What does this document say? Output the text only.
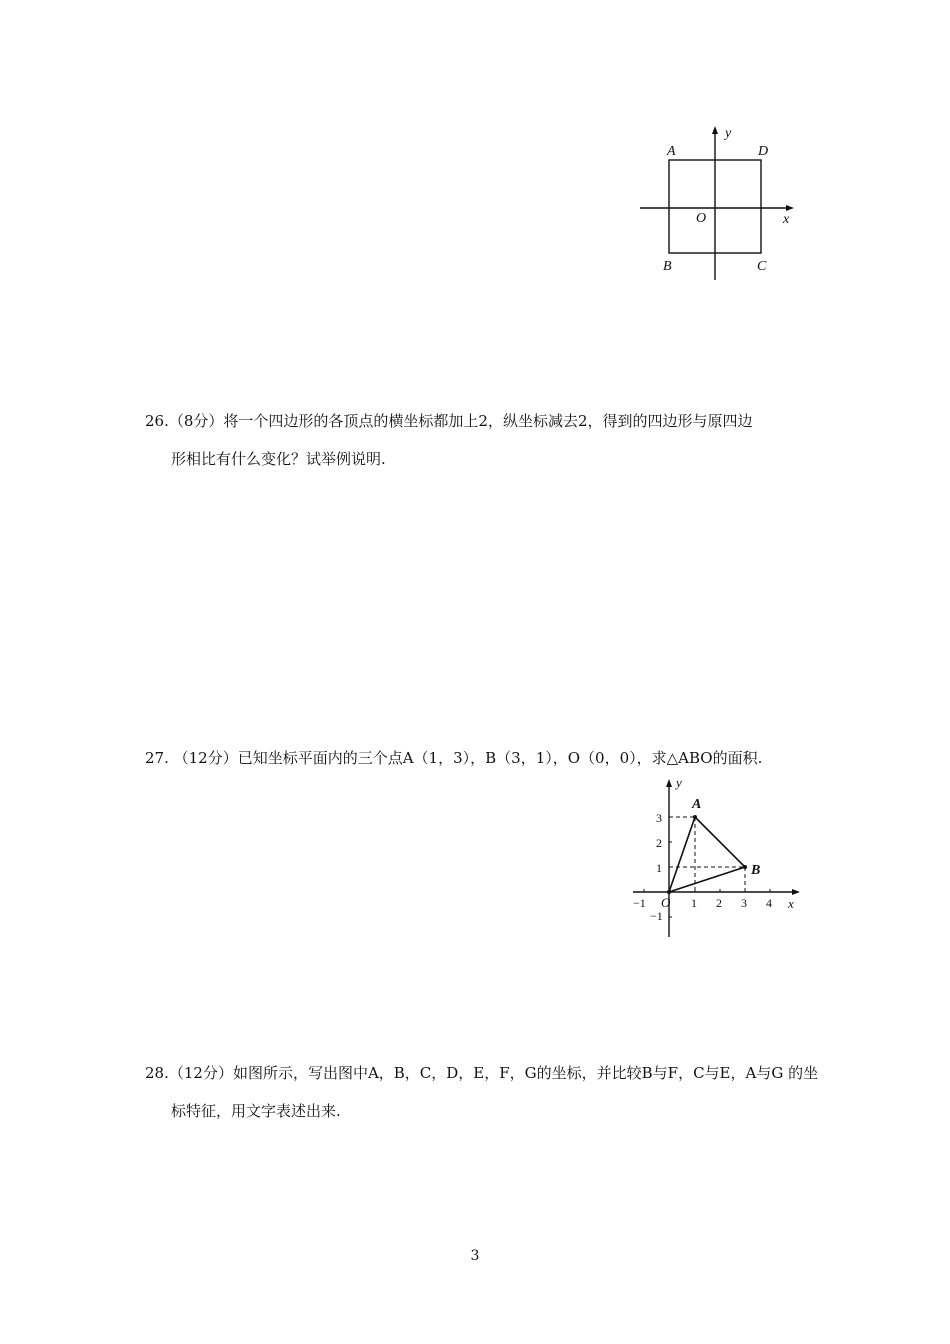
A	D
B	C
O	x
y
26.（8分）将一个四边形的各顶点的横坐标都加上2，纵坐标减去2，得到的四边形与原四边
形相比有什么变化？试举例说明.
27. （12分）已知坐标平面内的三个点A（1，3），B（3，1），O（0，0），求△ABO的面积.
y
x
A
B
O
3
2
1
−1
−1	1 2 3 4
28.（12分）如图所示，写出图中A，B，C，D，E，F，G的坐标，并比较B与F，C与E，A与G 的坐
标特征，用文字表述出来.
3
